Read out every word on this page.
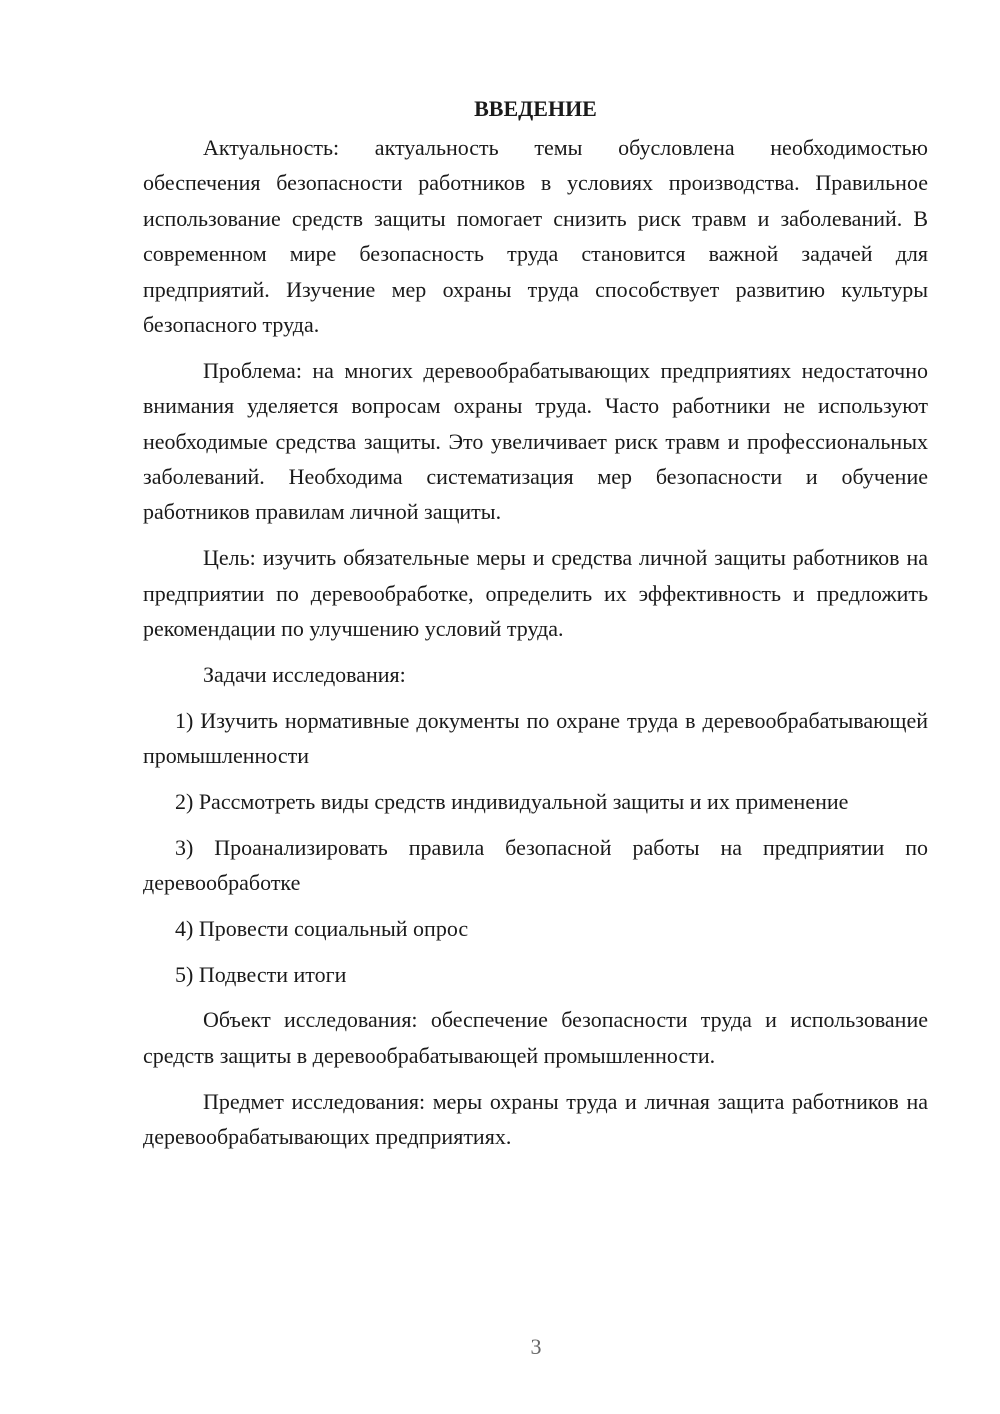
ВВЕДЕНИЕ

Актуальность: актуальность темы обусловлена необходимостью обеспечения безопасности работников в условиях производства. Правильное использование средств защиты помогает снизить риск травм и заболеваний. В современном мире безопасность труда становится важной задачей для предприятий. Изучение мер охраны труда способствует развитию культуры безопасного труда.

Проблема: на многих деревообрабатывающих предприятиях недостаточно внимания уделяется вопросам охраны труда. Часто работники не используют необходимые средства защиты. Это увеличивает риск травм и профессиональных заболеваний. Необходима систематизация мер безопасности и обучение работников правилам личной защиты.

Цель: изучить обязательные меры и средства личной защиты работников на предприятии по деревообработке, определить их эффективность и предложить рекомендации по улучшению условий труда.

Задачи исследования:

1) Изучить нормативные документы по охране труда в деревообрабатывающей промышленности

2) Рассмотреть виды средств индивидуальной защиты и их применение

3) Проанализировать правила безопасной работы на предприятии по деревообработке

4) Провести социальный опрос

5) Подвести итоги

Объект исследования: обеспечение безопасности труда и использование средств защиты в деревообрабатывающей промышленности.

Предмет исследования: меры охраны труда и личная защита работников на деревообрабатывающих предприятиях.

3
